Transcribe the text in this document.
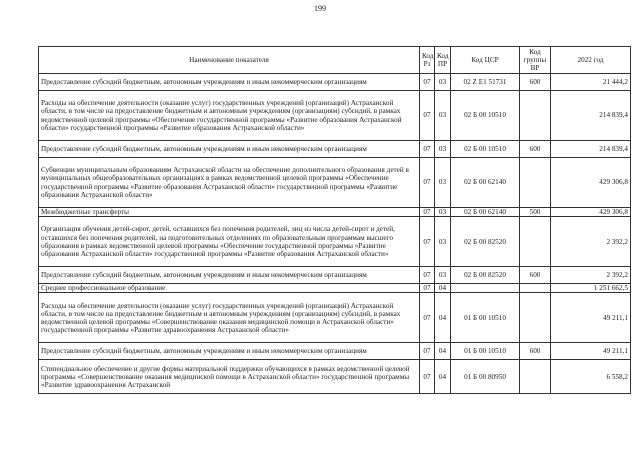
199
Наименование показателя	Код Рз	Код ПР	Код ЦСР	Код группы ВР	2022 год
Предоставление субсидий бюджетным, автономным учреждениям и иным некоммерческим организациям	07	03	02 Z E1 51731	600	21 444,2
Расходы на обеспечение деятельности (оказание услуг) государственных учреждений (организаций) Астраханской области, в том числе на предоставление бюджетным и автономным учреждениям (организациям) субсидий, в рамках ведомственной целевой программы «Обеспечение государственной программы «Развитие образования Астраханской области» государственной программы «Развитие образования Астраханской области»	07	03	02 Б 00 10510		214 839,4
Предоставление субсидий бюджетным, автономным учреждениям и иным некоммерческим организациям	07	03	02 Б 00 10510	600	214 839,4
Субвенции муниципальным образованиям Астраханской области на обеспечение дополнительного образования детей в муниципальных общеобразовательных организациях в рамках ведомственной целевой программы «Обеспечение государственной программы «Развитие образования Астраханской области» государственной программы «Развитие образования Астраханской области»	07	03	02 Б 00 62140		429 306,8
Межбюджетные трансферты	07	03	02 Б 00 62140	500	429 306,8
Организация обучения детей-сирот, детей, оставшихся без попечения родителей, лиц из числа детей-сирот и детей, оставшихся без попечения родителей, на подготовительных отделениях по образовательным программам высшего образования в рамках ведомственной целевой программы «Обеспечение государственной программы «Развитие образования Астраханской области» государственной программы «Развитие образования Астраханской области»	07	03	02 Б 00 82520		2 392,2
Предоставление субсидий бюджетным, автономным учреждениям и иным некоммерческим организациям	07	03	02 Б 00 82520	600	2 392,2
Среднее профессиональное образование	07	04			1 251 662,5
Расходы на обеспечение деятельности (оказание услуг) государственных учреждений (организаций) Астраханской области, в том числе на предоставление бюджетным и автономным учреждениям (организациям) субсидий, в рамках ведомственной целевой программы «Совершенствование оказания медицинской помощи в Астраханской области» государственной программы «Развитие здравоохранения Астраханской области»	07	04	01 Б 00 10510		49 211,1
Предоставление субсидий бюджетным, автономным учреждениям и иным некоммерческим организациям	07	04	01 Б 00 10510	600	49 211,1
Стипендиальное обеспечение и другие формы материальной поддержки обучающихся в рамках ведомственной целевой программы «Совершенствование оказания медицинской помощи в Астраханской области» государственной программы «Развитие здравоохранения Астраханской	07	04	01 Б 00 80950		6 558,2
